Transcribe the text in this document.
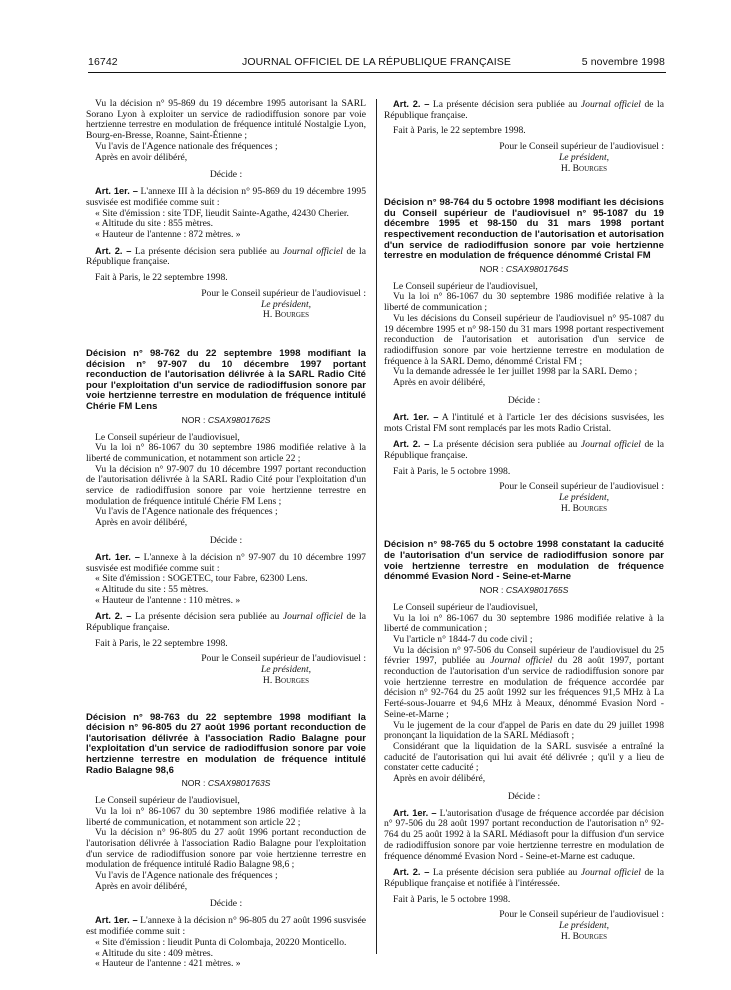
16742	JOURNAL OFFICIEL DE LA RÉPUBLIQUE FRANÇAISE	5 novembre 1998

Vu la décision n° 95-869 du 19 décembre 1995 autorisant la SARL Sorano Lyon à exploiter un service de radiodiffusion sonore par voie hertzienne terrestre en modulation de fréquence intitulé Nostalgie Lyon, Bourg-en-Bresse, Roanne, Saint-Étienne ;

Vu l'avis de l'Agence nationale des fréquences ;

Après en avoir délibéré,

Décide :

Art. 1er. – L'annexe III à la décision n° 95-869 du 19 décembre 1995 susvisée est modifiée comme suit :

« Site d'émission : site TDF, lieudit Sainte-Agathe, 42430 Cherier.

« Altitude du site : 855 mètres.

« Hauteur de l'antenne : 872 mètres. »

Art. 2. – La présente décision sera publiée au Journal officiel de la République française.

Fait à Paris, le 22 septembre 1998.

Pour le Conseil supérieur de l'audiovisuel :

Le président,

H. Bourges

Décision n° 98-762 du 22 septembre 1998 modifiant la décision n° 97-907 du 10 décembre 1997 portant reconduction de l'autorisation délivrée à la SARL Radio Cité pour l'exploitation d'un service de radiodiffusion sonore par voie hertzienne terrestre en modulation de fréquence intitulé Chérie FM Lens

NOR : CSAX9801762S

Le Conseil supérieur de l'audiovisuel,

Vu la loi n° 86-1067 du 30 septembre 1986 modifiée relative à la liberté de communication, et notamment son article 22 ;

Vu la décision n° 97-907 du 10 décembre 1997 portant reconduction de l'autorisation délivrée à la SARL Radio Cité pour l'exploitation d'un service de radiodiffusion sonore par voie hertzienne terrestre en modulation de fréquence intitulé Chérie FM Lens ;

Vu l'avis de l'Agence nationale des fréquences ;

Après en avoir délibéré,

Décide :

Art. 1er. – L'annexe à la décision n° 97-907 du 10 décembre 1997 susvisée est modifiée comme suit :

« Site d'émission : SOGETEC, tour Fabre, 62300 Lens.

« Altitude du site : 55 mètres.

« Hauteur de l'antenne : 110 mètres. »

Art. 2. – La présente décision sera publiée au Journal officiel de la République française.

Fait à Paris, le 22 septembre 1998.

Pour le Conseil supérieur de l'audiovisuel :

Le président,

H. Bourges

Décision n° 98-763 du 22 septembre 1998 modifiant la décision n° 96-805 du 27 août 1996 portant reconduction de l'autorisation délivrée à l'association Radio Balagne pour l'exploitation d'un service de radiodiffusion sonore par voie hertzienne terrestre en modulation de fréquence intitulé Radio Balagne 98,6

NOR : CSAX9801763S

Le Conseil supérieur de l'audiovisuel,

Vu la loi n° 86-1067 du 30 septembre 1986 modifiée relative à la liberté de communication, et notamment son article 22 ;

Vu la décision n° 96-805 du 27 août 1996 portant reconduction de l'autorisation délivrée à l'association Radio Balagne pour l'exploitation d'un service de radiodiffusion sonore par voie hertzienne terrestre en modulation de fréquence intitulé Radio Balagne 98,6 ;

Vu l'avis de l'Agence nationale des fréquences ;

Après en avoir délibéré,

Décide :

Art. 1er. – L'annexe à la décision n° 96-805 du 27 août 1996 susvisée est modifiée comme suit :

« Site d'émission : lieudit Punta di Colombaja, 20220 Monticello.

« Altitude du site : 409 mètres.

« Hauteur de l'antenne : 421 mètres. »

Art. 2. – La présente décision sera publiée au Journal officiel de la République française.

Fait à Paris, le 22 septembre 1998.

Pour le Conseil supérieur de l'audiovisuel :

Le président,

H. Bourges

Décision n° 98-764 du 5 octobre 1998 modifiant les décisions du Conseil supérieur de l'audiovisuel n° 95-1087 du 19 décembre 1995 et 98-150 du 31 mars 1998 portant respectivement reconduction de l'autorisation et autorisation d'un service de radiodiffusion sonore par voie hertzienne terrestre en modulation de fréquence dénommé Cristal FM

NOR : CSAX9801764S

Le Conseil supérieur de l'audiovisuel,

Vu la loi n° 86-1067 du 30 septembre 1986 modifiée relative à la liberté de communication ;

Vu les décisions du Conseil supérieur de l'audiovisuel n° 95-1087 du 19 décembre 1995 et n° 98-150 du 31 mars 1998 portant respectivement reconduction de l'autorisation et autorisation d'un service de radiodiffusion sonore par voie hertzienne terrestre en modulation de fréquence à la SARL Demo, dénommé Cristal FM ;

Vu la demande adressée le 1er juillet 1998 par la SARL Demo ;

Après en avoir délibéré,

Décide :

Art. 1er. – A l'intitulé et à l'article 1er des décisions susvisées, les mots Cristal FM sont remplacés par les mots Radio Cristal.

Art. 2. – La présente décision sera publiée au Journal officiel de la République française.

Fait à Paris, le 5 octobre 1998.

Pour le Conseil supérieur de l'audiovisuel :

Le président,

H. Bourges

Décision n° 98-765 du 5 octobre 1998 constatant la caducité de l'autorisation d'un service de radiodiffusion sonore par voie hertzienne terrestre en modulation de fréquence dénommé Evasion Nord - Seine-et-Marne

NOR : CSAX9801765S

Le Conseil supérieur de l'audiovisuel,

Vu la loi n° 86-1067 du 30 septembre 1986 modifiée relative à la liberté de communication ;

Vu l'article n° 1844-7 du code civil ;

Vu la décision n° 97-506 du Conseil supérieur de l'audiovisuel du 25 février 1997, publiée au Journal officiel du 28 août 1997, portant reconduction de l'autorisation d'un service de radiodiffusion sonore par voie hertzienne terrestre en modulation de fréquence accordée par décision n° 92-764 du 25 août 1992 sur les fréquences 91,5 MHz à La Ferté-sous-Jouarre et 94,6 MHz à Meaux, dénommé Evasion Nord - Seine-et-Marne ;

Vu le jugement de la cour d'appel de Paris en date du 29 juillet 1998 prononçant la liquidation de la SARL Médiasoft ;

Considérant que la liquidation de la SARL susvisée a entraîné la caducité de l'autorisation qui lui avait été délivrée ; qu'il y a lieu de constater cette caducité ;

Après en avoir délibéré,

Décide :

Art. 1er. – L'autorisation d'usage de fréquence accordée par décision n° 97-506 du 28 août 1997 portant reconduction de l'autorisation n° 92-764 du 25 août 1992 à la SARL Médiasoft pour la diffusion d'un service de radiodiffusion sonore par voie hertzienne terrestre en modulation de fréquence dénommé Evasion Nord - Seine-et-Marne est caduque.

Art. 2. – La présente décision sera publiée au Journal officiel de la République française et notifiée à l'intéressée.

Fait à Paris, le 5 octobre 1998.

Pour le Conseil supérieur de l'audiovisuel :

Le président,

H. Bourges
